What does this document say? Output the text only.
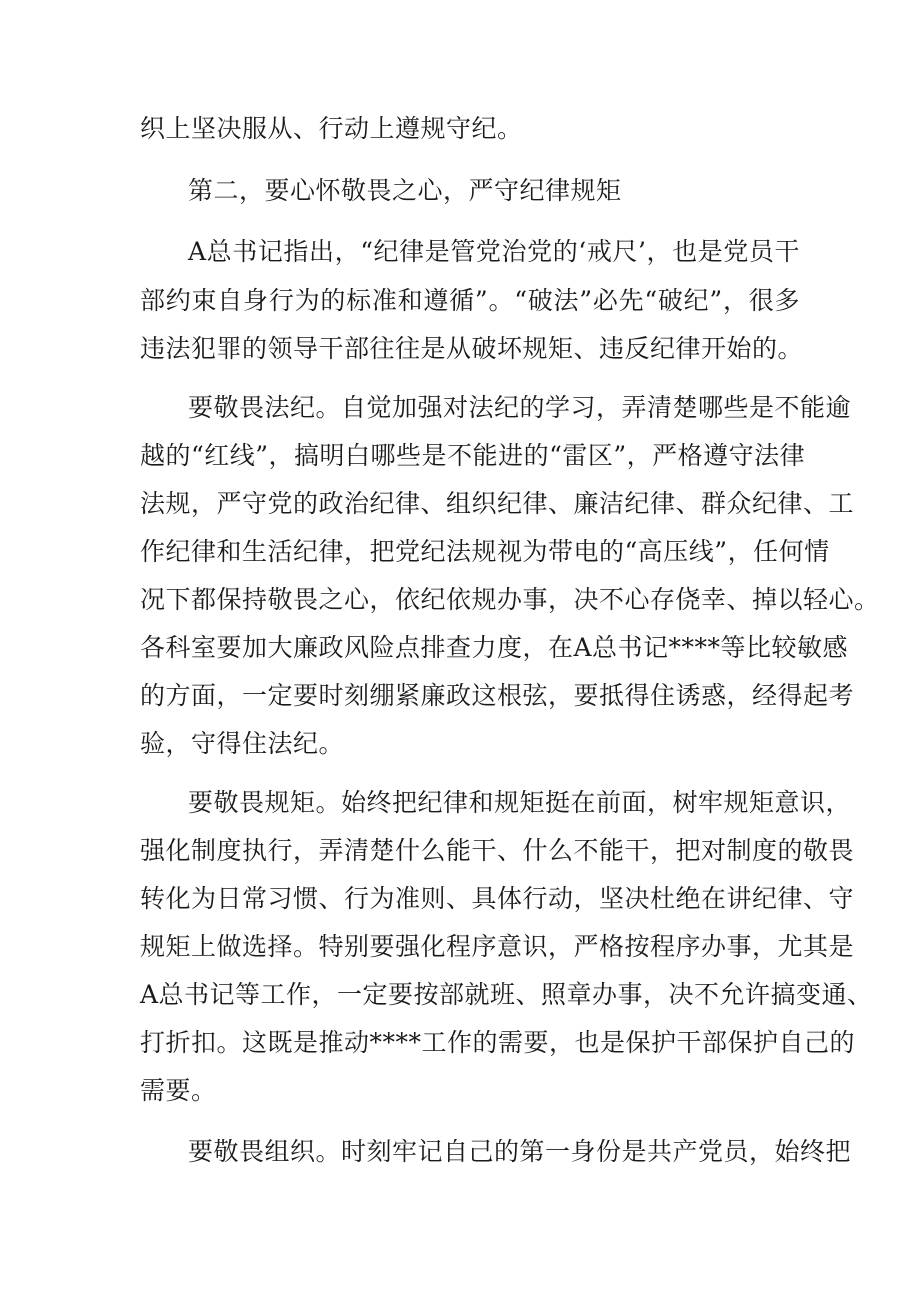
织上坚决服从、行动上遵规守纪。
第二，要心怀敬畏之心，严守纪律规矩
A总书记指出，“纪律是管党治党的‘戒尺’，也是党员干
部约束自身行为的标准和遵循”。“破法”必先“破纪”，很多
违法犯罪的领导干部往往是从破坏规矩、违反纪律开始的。
要敬畏法纪。自觉加强对法纪的学习，弄清楚哪些是不能逾
越的“红线”，搞明白哪些是不能进的“雷区”，严格遵守法律
法规，严守党的政治纪律、组织纪律、廉洁纪律、群众纪律、工
作纪律和生活纪律，把党纪法规视为带电的“高压线”，任何情
况下都保持敬畏之心，依纪依规办事，决不心存侥幸、掉以轻心。
各科室要加大廉政风险点排查力度，在A总书记****等比较敏感
的方面，一定要时刻绷紧廉政这根弦，要抵得住诱惑，经得起考
验，守得住法纪。
要敬畏规矩。始终把纪律和规矩挺在前面，树牢规矩意识，
强化制度执行，弄清楚什么能干、什么不能干，把对制度的敬畏
转化为日常习惯、行为准则、具体行动，坚决杜绝在讲纪律、守
规矩上做选择。特别要强化程序意识，严格按程序办事，尤其是
A总书记等工作，一定要按部就班、照章办事，决不允许搞变通、
打折扣。这既是推动****工作的需要，也是保护干部保护自己的
需要。
要敬畏组织。时刻牢记自己的第一身份是共产党员，始终把
